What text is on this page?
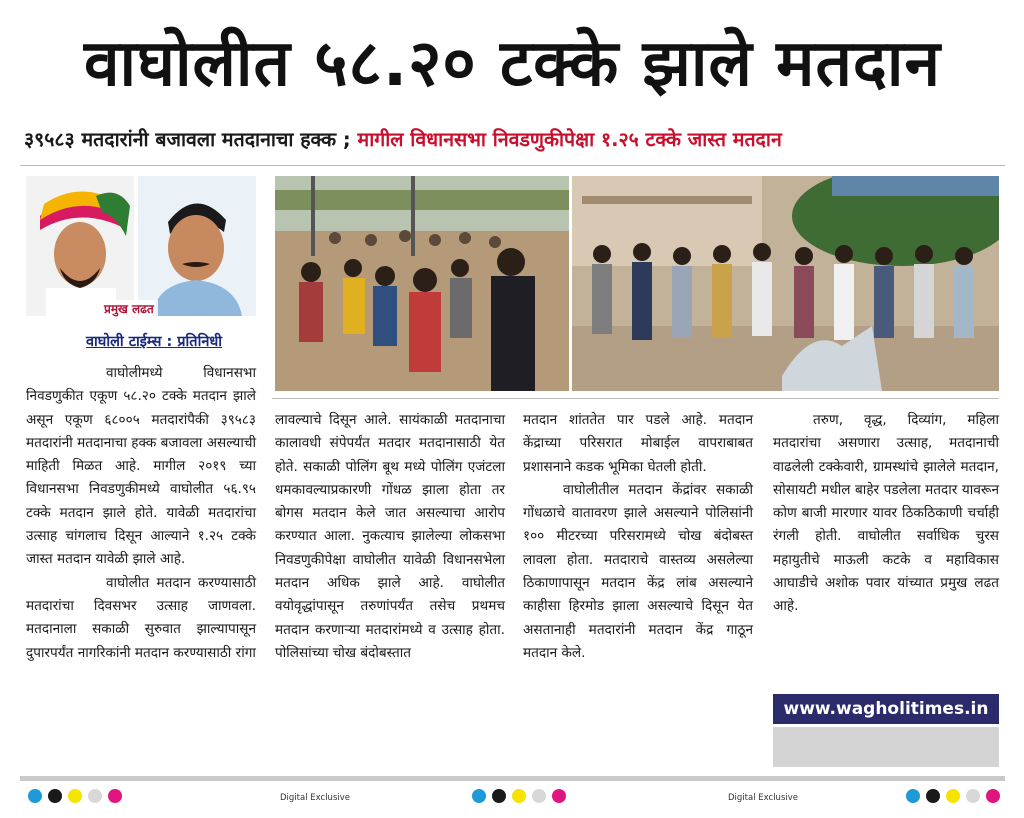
वाघोलीत ५८.२० टक्के झाले मतदान
३९५८३ मतदारांनी बजावला मतदानाचा हक्क ; मागील विधानसभा निवडणुकीपेक्षा १.२५ टक्के जास्त मतदान
प्रमुख लढत
वाघोली टाईम्स : प्रतिनिधी

वाघोलीमध्ये विधानसभा निवडणुकीत एकूण ५८.२० टक्के मतदान झाले असून एकूण ६८००५ मतदारांपैकी ३९५८३ मतदारांनी मतदानाचा हक्क बजावला असल्याची माहिती मिळत आहे. मागील २०१९ च्या विधानसभा निवडणुकीमध्ये वाघोलीत ५६.९५ टक्के मतदान झाले होते. यावेळी मतदारांचा उत्साह चांगलाच दिसून आल्याने १.२५ टक्के जास्त मतदान यावेळी झाले आहे.

वाघोलीत मतदान करण्यासाठी मतदारांचा दिवसभर उत्साह जाणवला. मतदानाला सकाळी सुरुवात झाल्यापासून दुपारपर्यंत नागरिकांनी मतदान करण्यासाठी रांगा

लावल्याचे दिसून आले. सायंकाळी मतदानाचा कालावधी संपेपर्यंत मतदार मतदानासाठी येत होते. सकाळी पोलिंग बूथ मध्ये पोलिंग एजंटला धमकावल्याप्रकारणी गोंधळ झाला होता तर बोगस मतदान केले जात असल्याचा आरोप करण्यात आला. नुकत्याच झालेल्या लोकसभा निवडणुकीपेक्षा वाघोलीत यावेळी विधानसभेला मतदान अधिक झाले आहे. वाघोलीत वयोवृद्धांपासून तरुणांपर्यंत तसेच प्रथमच मतदान करणाऱ्या मतदारांमध्ये व उत्साह होता. पोलिसांच्या चोख बंदोबस्तात

मतदान शांततेत पार पडले आहे. मतदान केंद्राच्या परिसरात मोबाईल वापराबाबत प्रशासनाने कडक भूमिका घेतली होती.

वाघोलीतील मतदान केंद्रांवर सकाळी गोंधळाचे वातावरण झाले असल्याने पोलिसांनी १०० मीटरच्या परिसरामध्ये चोख बंदोबस्त लावला होता. मतदाराचे वास्तव्य असलेल्या ठिकाणापासून मतदान केंद्र लांब असल्याने काहीसा हिरमोड झाला असल्याचे दिसून येत असतानाही मतदारांनी मतदान केंद्र गाठून मतदान केले.

तरुण, वृद्ध, दिव्यांग, महिला मतदारांचा असणारा उत्साह, मतदानाची वाढलेली टक्केवारी, ग्रामस्थांचे झालेले मतदान, सोसायटी मधील बाहेर पडलेला मतदार यावरून कोण बाजी मारणार यावर ठिकठिकाणी चर्चाही रंगली होती. वाघोलीत सर्वाधिक चुरस महायुतीचे माऊली कटके व महाविकास आघाडीचे अशोक पवार यांच्यात प्रमुख लढत आहे.

www.wagholitimes.in
Digital Exclusive	Digital Exclusive
